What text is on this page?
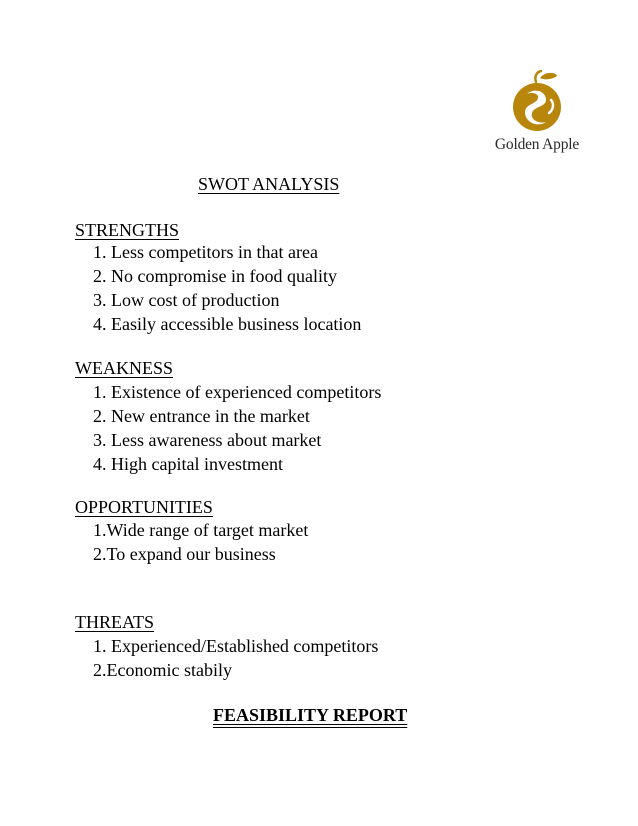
Golden Apple
SWOT ANALYSIS
STRENGTHS
1. Less competitors in that area
2. No compromise in food quality
3. Low cost of production
4. Easily accessible business location
WEAKNESS
1. Existence of experienced competitors
2. New entrance in the market
3. Less awareness about market
4. High capital investment
OPPORTUNITIES
1.Wide range of target market
2.To expand our business
THREATS
1. Experienced/Established competitors
2.Economic stabily
FEASIBILITY REPORT
